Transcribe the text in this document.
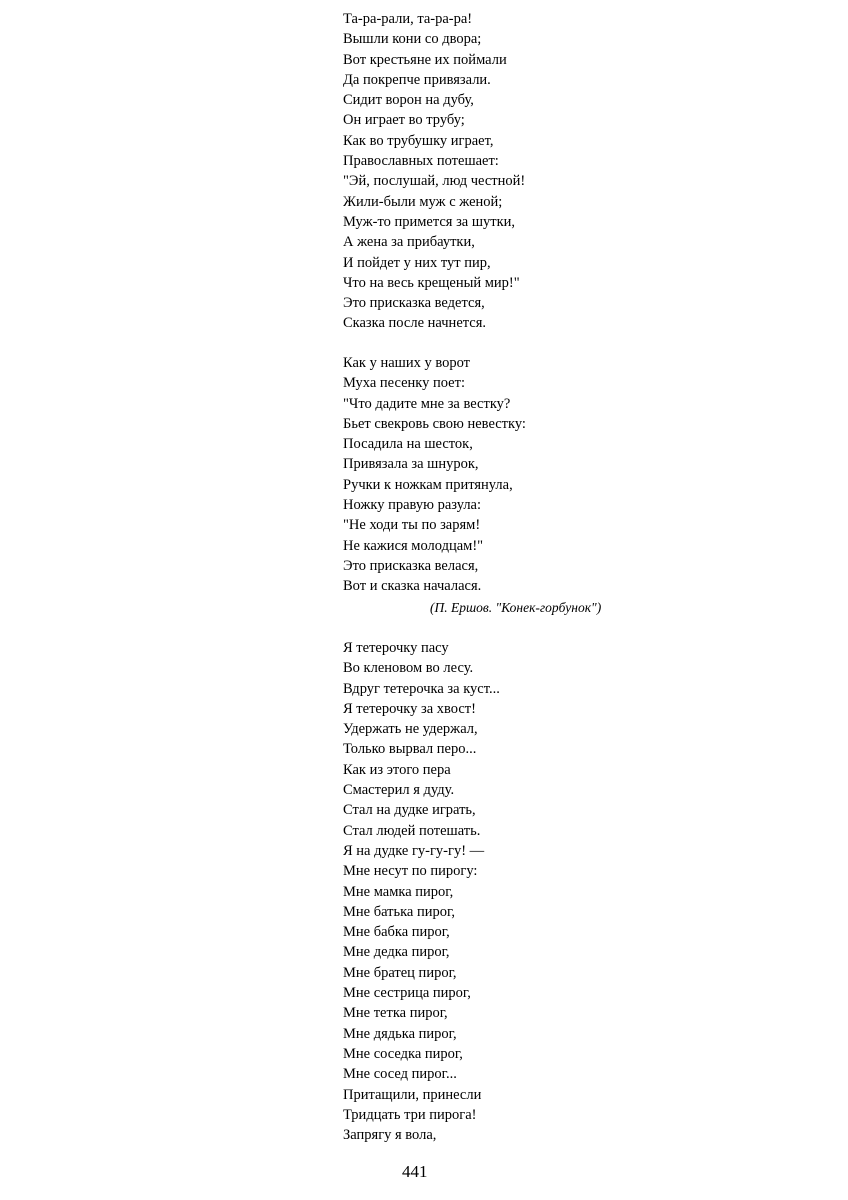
Та-ра-рали, та-ра-ра!
Вышли кони со двора;
Вот крестьяне их поймали
Да покрепче привязали.
Сидит ворон на дубу,
Он играет во трубу;
Как во трубушку играет,
Православных потешает:
"Эй, послушай, люд честной!
Жили-были муж с женой;
Муж-то примется за шутки,
А жена за прибаутки,
И пойдет у них тут пир,
Что на весь крещеный мир!"
Это присказка ведется,
Сказка после начнется.
Как у наших у ворот
Муха песенку поет:
"Что дадите мне за вестку?
Бьет свекровь свою невестку:
Посадила на шесток,
Привязала за шнурок,
Ручки к ножкам притянула,
Ножку правую разула:
"Не ходи ты по зарям!
Не кажися молодцам!"
Это присказка велася,
Вот и сказка началася.
(П. Ершов. "Конек-горбунок")
Я тетерочку пасу
Во кленовом во лесу.
Вдруг тетерочка за куст...
Я тетерочку за хвост!
Удержать не удержал,
Только вырвал перо...
Как из этого пера
Смастерил я дуду.
Стал на дудке играть,
Стал людей потешать.
Я на дудке гу-гу-гу! —
Мне несут по пирогу:
Мне мамка пирог,
Мне батька пирог,
Мне бабка пирог,
Мне дедка пирог,
Мне братец пирог,
Мне сестрица пирог,
Мне тетка пирог,
Мне дядька пирог,
Мне соседка пирог,
Мне сосед пирог...
Притащили, принесли
Тридцать три пирога!
Запрягу я вола,
441
